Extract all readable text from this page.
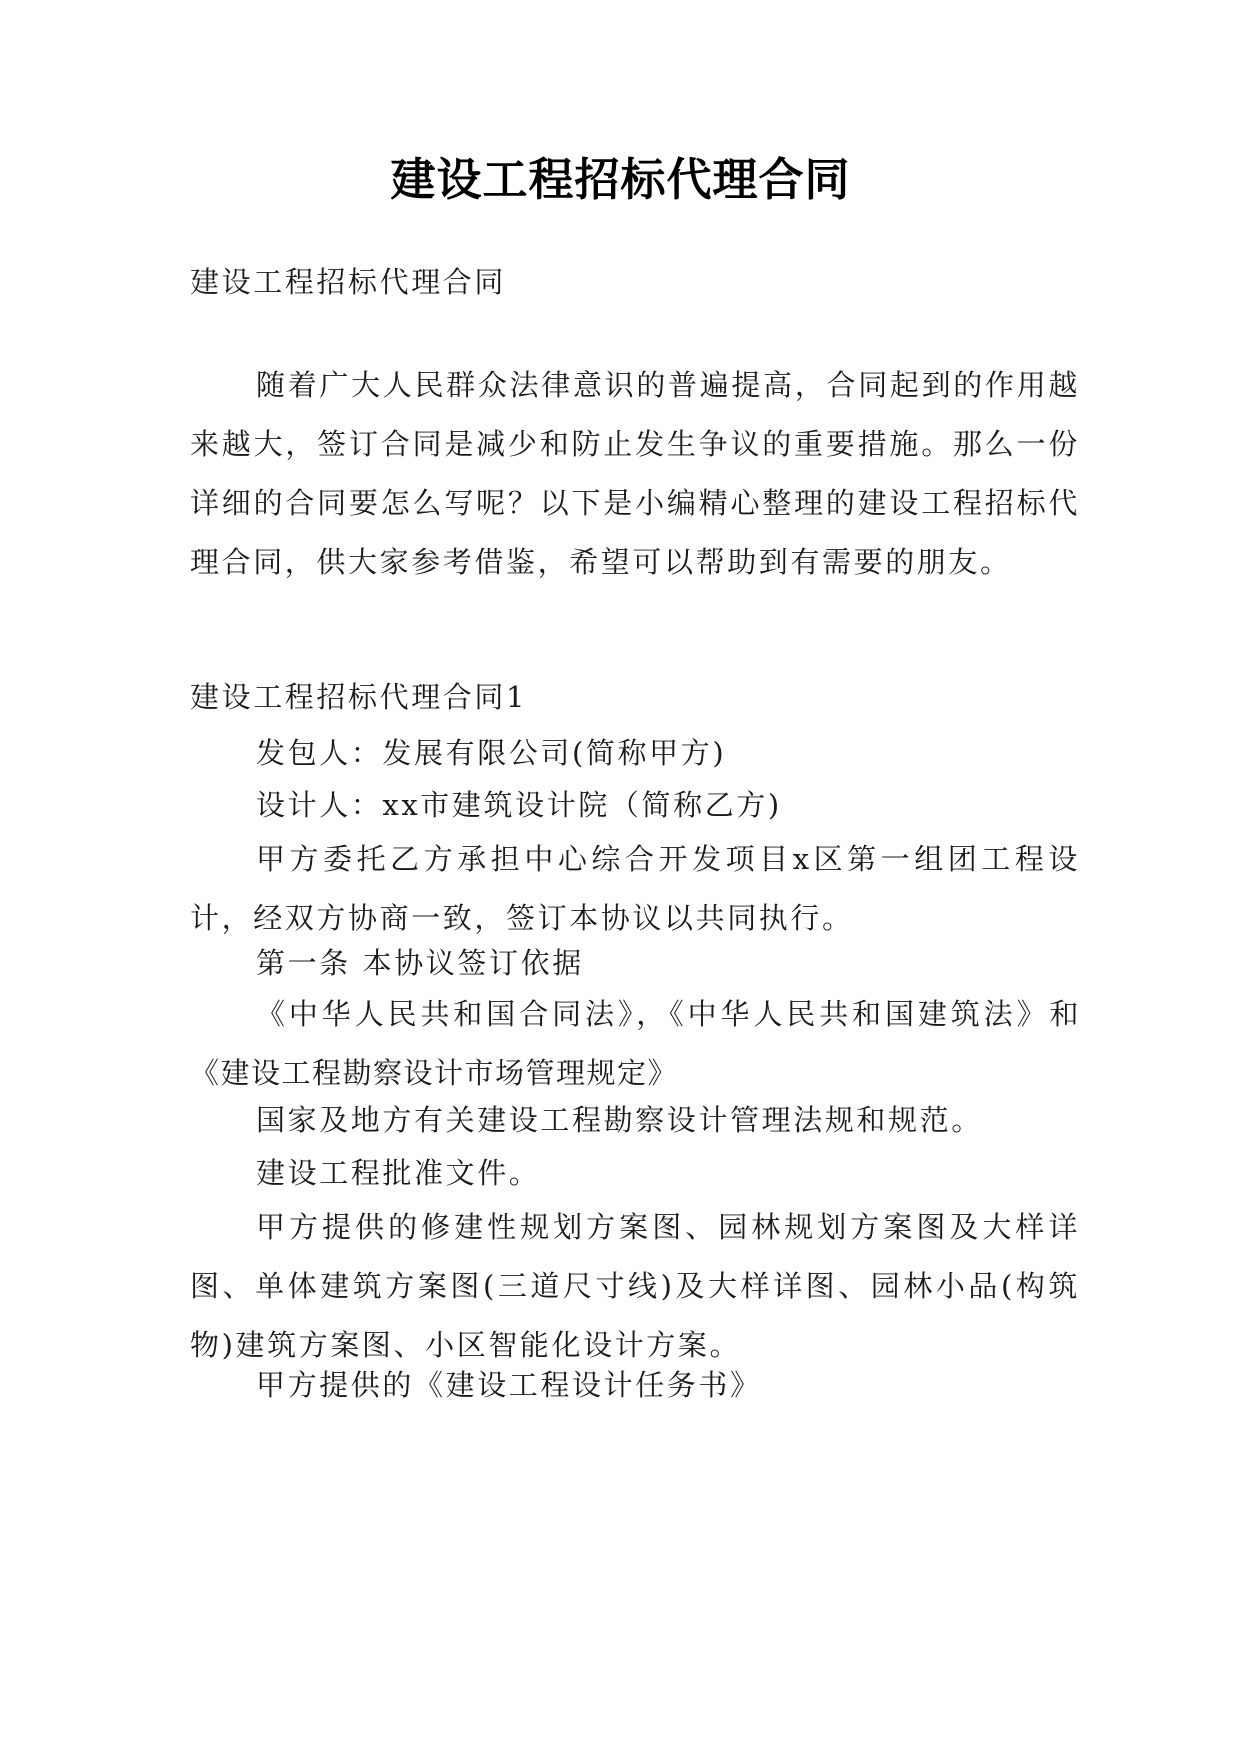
建设工程招标代理合同

建设工程招标代理合同

随着广大人民群众法律意识的普遍提高，合同起到的作用越来越大，签订合同是减少和防止发生争议的重要措施。那么一份详细的合同要怎么写呢？以下是小编精心整理的建设工程招标代理合同，供大家参考借鉴，希望可以帮助到有需要的朋友。

建设工程招标代理合同1

发包人：发展有限公司(简称甲方)

设计人：xx市建筑设计院（简称乙方)

甲方委托乙方承担中心综合开发项目x区第一组团工程设计，经双方协商一致，签订本协议以共同执行。

第一条 本协议签订依据

《中华人民共和国合同法》，《中华人民共和国建筑法》和《建设工程勘察设计市场管理规定》

国家及地方有关建设工程勘察设计管理法规和规范。

建设工程批准文件。

甲方提供的修建性规划方案图、园林规划方案图及大样详图、单体建筑方案图(三道尺寸线)及大样详图、园林小品(构筑物)建筑方案图、小区智能化设计方案。

甲方提供的《建设工程设计任务书》
